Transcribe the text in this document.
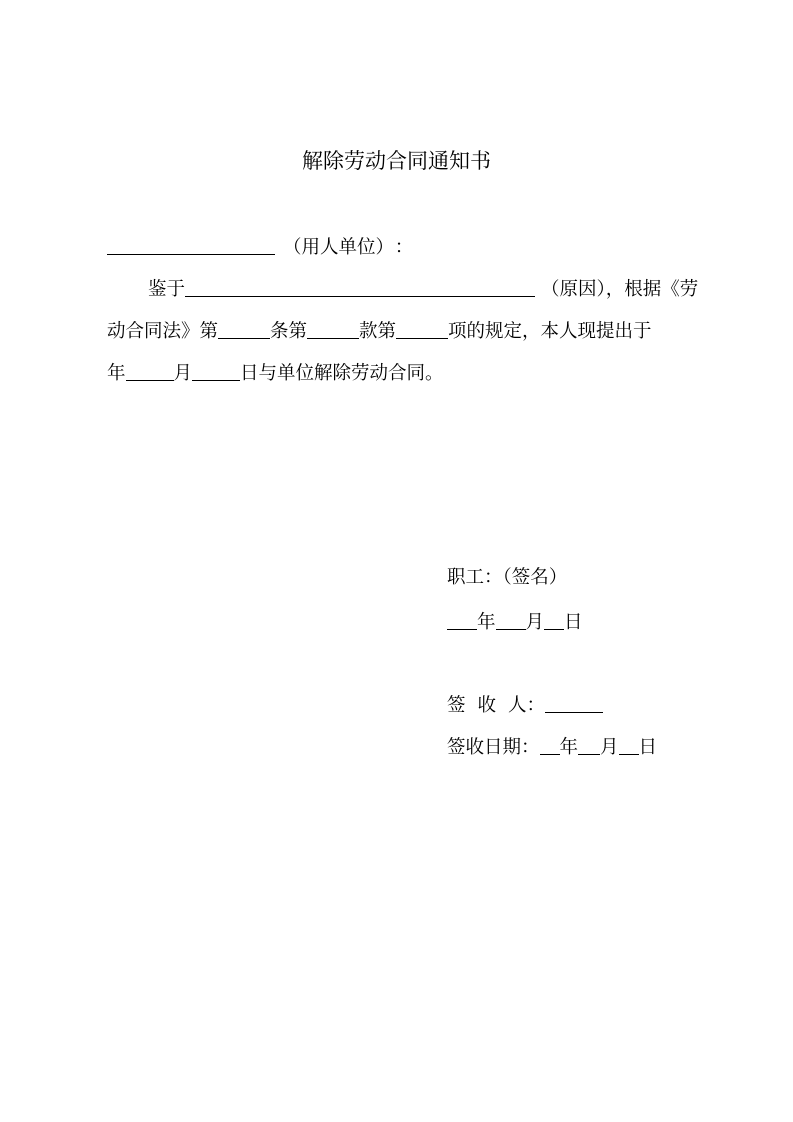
解除劳动合同通知书
（用人单位） ：
鉴于	（原因），根据《劳
动合同法》第	条第	款第	项的规定，本人现提出于
年	月	日与单位解除劳动合同。
职工：（签名）
年 月 日
签 收 人：
签收日期： 年 月 日
